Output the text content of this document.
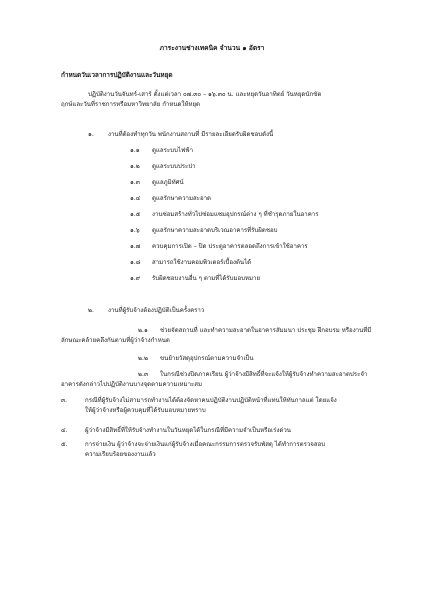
ภาระงานช่างเทคนิค จำนวน ๑ อัตรา
กำหนดวันเวลาการปฏิบัติงานและวันหยุด
ปฏิบัติงานวันจันทร์-เสาร์ ตั้งแต่เวลา ๐๗.๓๐ – ๑๖.๓๐ น. และหยุดวันอาทิตย์ วันหยุดนักขัต
ฤกษ์และวันที่ราชการหรือมหาวิทยาลัย กำหนดให้หยุด
๑. งานที่ต้องทำทุกวัน พนักงานสถานที่ มีรายละเอียดรับผิดชอบดังนี้
๑.๑ ดูแลระบบไฟฟ้า
๑.๒ ดูแลระบบประปา
๑.๓ ดูแลภูมิทัศน์
๑.๔ ดูแลรักษาความสะอาด
๑.๕ งานซ่อมสร้างทั่วไปซ่อมแซมอุปกรณ์ต่าง ๆ ที่ชำรุดภายในอาคาร
๑.๖ ดูแลรักษาความสะอาดบริเวณอาคารที่รับผิดชอบ
๑.๗ ควบคุมการเปิด – ปิด ประตูอาคารตลอดถึงการเข้าใช้อาคาร
๑.๘ สามารถใช้งานคอมพิวเตอร์เบื้องต้นได้
๑.๙ รับผิดชอบงานอื่น ๆ ตามที่ได้รับมอบหมาย
๒. งานที่ผู้รับจ้างต้องปฏิบัติเป็นครั้งคราว
๒.๑ ช่วยจัดสถานที่ และทำความสะอาดในอาคารสัมมนา ประชุม ฝึกอบรม หรืองานที่มี
ลักษณะคล้ายคลึงกันตามที่ผู้ว่าจ้างกำหนด
๒.๒ ขนย้ายวัสดุอุปกรณ์ตามความจำเป็น
๒.๓ ในกรณีช่วงปิดภาคเรียน ผู้ว่าจ้างมีสิทธิ์ที่จะแจ้งให้ผู้รับจ้างทำความสะอาดประจำ
อาคารดังกล่าวไปปฏิบัติงานบางจุดตามความเหมาะสม
๓.	กรณีที่ผู้รับจ้างไม่สามารถทำงานได้ต้องจัดหาคนปฏิบัติงานปฏิบัติหน้าที่แทนให้ทันกาลแต่ โดยแจ้ง
ให้ผู้ว่าจ้างหรือผู้ควบคุมที่ได้รับมอบหมายทราบ
๔.	ผู้ว่าจ้างมีสิทธิ์ที่ให้รับจ้างทำงานในวันหยุดได้ในกรณีที่มีความจำเป็นหรือเร่งด่วน
๕.	การจ่ายเงิน ผู้ว่าจ้างจะจ่ายเงินแก่ผู้รับจ้างเมื่อคณะกรรมการตรวจรับพัสดุ ได้ทำการตรวจสอบ
ความเรียบร้อยของงานแล้ว
